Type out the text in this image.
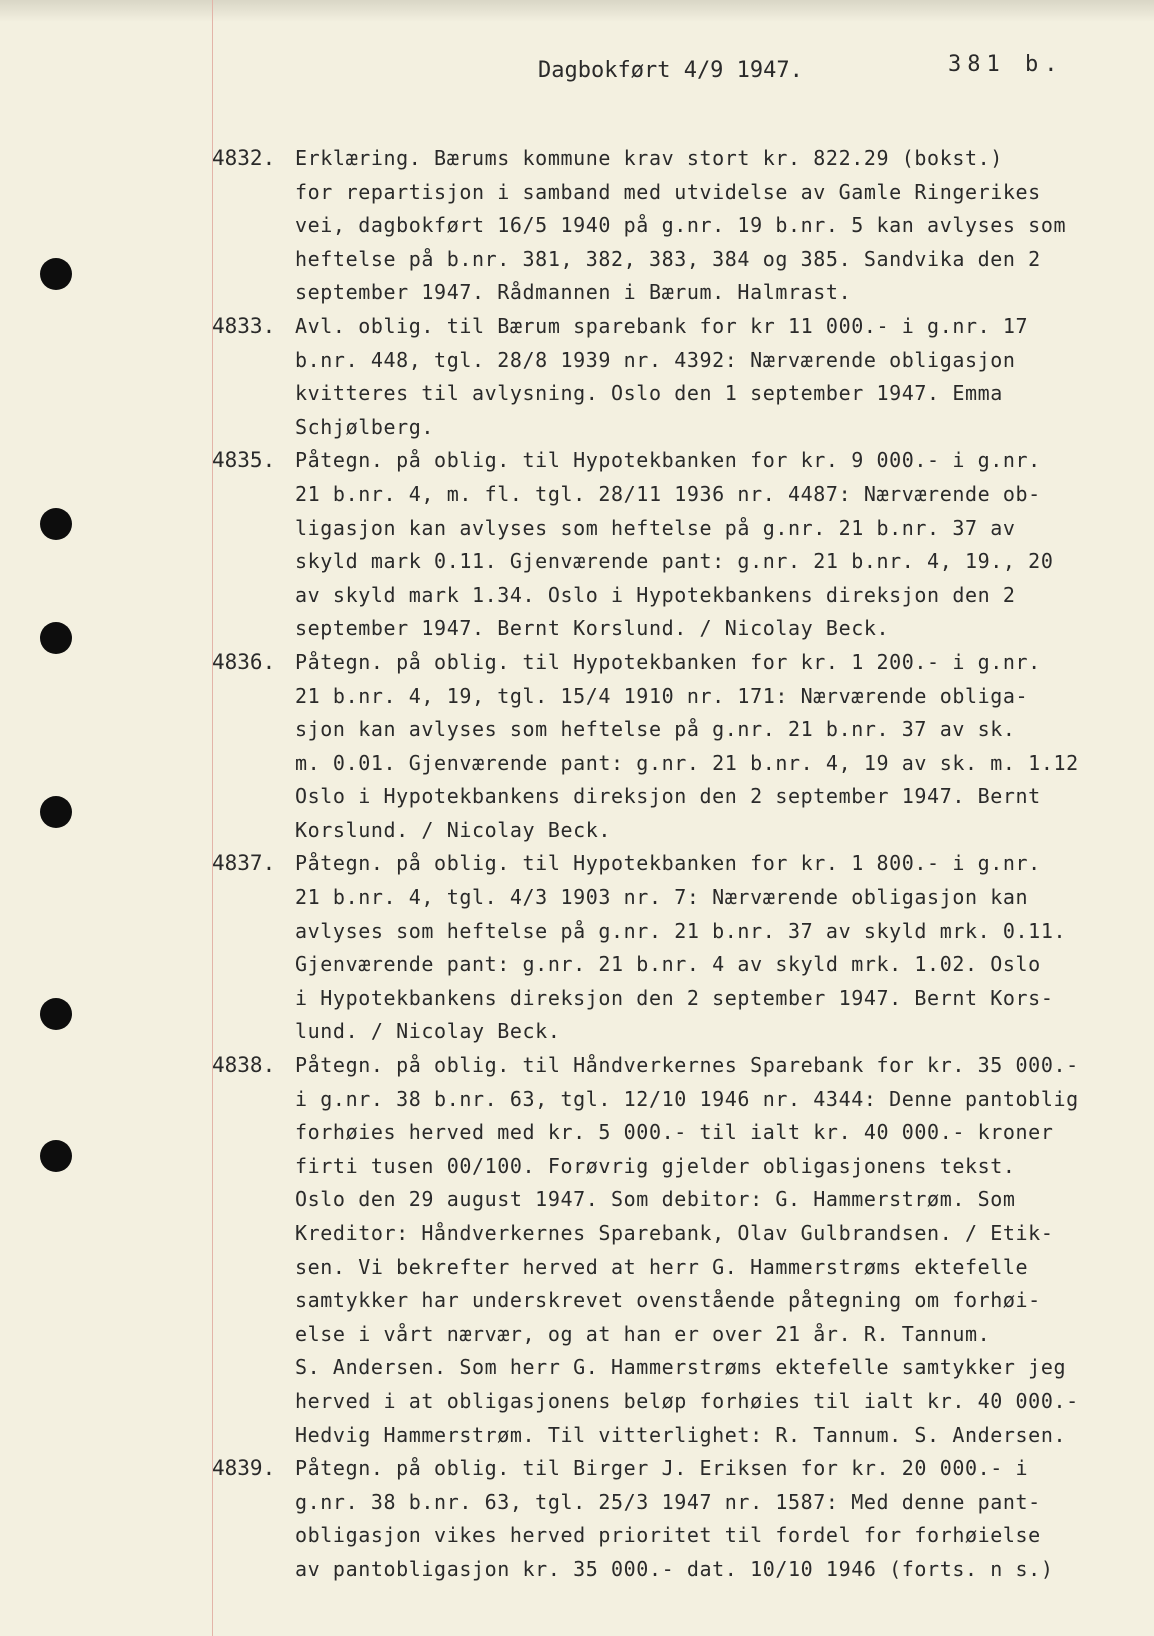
Dagbokført 4/9 1947.	381 b.
4832. Erklæring. Bærums kommune krav stort kr. 822.29 (bokst.)
for repartisjon i samband med utvidelse av Gamle Ringerikes
vei, dagbokført 16/5 1940 på g.nr. 19 b.nr. 5 kan avlyses som
heftelse på b.nr. 381, 382, 383, 384 og 385. Sandvika den 2
september 1947. Rådmannen i Bærum. Halmrast.
4833. Avl. oblig. til Bærum sparebank for kr 11 000.- i g.nr. 17
b.nr. 448, tgl. 28/8 1939 nr. 4392: Nærværende obligasjon
kvitteres til avlysning. Oslo den 1 september 1947. Emma
Schjølberg.
4835. Påtegn. på oblig. til Hypotekbanken for kr. 9 000.- i g.nr.
21 b.nr. 4, m. fl. tgl. 28/11 1936 nr. 4487: Nærværende ob-
ligasjon kan avlyses som heftelse på g.nr. 21 b.nr. 37 av
skyld mark 0.11. Gjenværende pant: g.nr. 21 b.nr. 4, 19., 20
av skyld mark 1.34. Oslo i Hypotekbankens direksjon den 2
september 1947. Bernt Korslund. / Nicolay Beck.
4836. Påtegn. på oblig. til Hypotekbanken for kr. 1 200.- i g.nr.
21 b.nr. 4, 19, tgl. 15/4 1910 nr. 171: Nærværende obliga-
sjon kan avlyses som heftelse på g.nr. 21 b.nr. 37 av sk.
m. 0.01. Gjenværende pant: g.nr. 21 b.nr. 4, 19 av sk. m. 1.12
Oslo i Hypotekbankens direksjon den 2 september 1947. Bernt
Korslund. / Nicolay Beck.
4837. Påtegn. på oblig. til Hypotekbanken for kr. 1 800.- i g.nr.
21 b.nr. 4, tgl. 4/3 1903 nr. 7: Nærværende obligasjon kan
avlyses som heftelse på g.nr. 21 b.nr. 37 av skyld mrk. 0.11.
Gjenværende pant: g.nr. 21 b.nr. 4 av skyld mrk. 1.02. Oslo
i Hypotekbankens direksjon den 2 september 1947. Bernt Kors-
lund. / Nicolay Beck.
4838. Påtegn. på oblig. til Håndverkernes Sparebank for kr. 35 000.-
i g.nr. 38 b.nr. 63, tgl. 12/10 1946 nr. 4344: Denne pantoblig
forhøies herved med kr. 5 000.- til ialt kr. 40 000.- kroner
firti tusen 00/100. Forøvrig gjelder obligasjonens tekst.
Oslo den 29 august 1947. Som debitor: G. Hammerstrøm. Som
Kreditor: Håndverkernes Sparebank, Olav Gulbrandsen. / Etik-
sen. Vi bekrefter herved at herr G. Hammerstrøms ektefelle
samtykker har underskrevet ovenstående påtegning om forhøi-
else i vårt nærvær, og at han er over 21 år. R. Tannum.
S. Andersen. Som herr G. Hammerstrøms ektefelle samtykker jeg
herved i at obligasjonens beløp forhøies til ialt kr. 40 000.-
Hedvig Hammerstrøm. Til vitterlighet: R. Tannum. S. Andersen.
4839. Påtegn. på oblig. til Birger J. Eriksen for kr. 20 000.- i
g.nr. 38 b.nr. 63, tgl. 25/3 1947 nr. 1587: Med denne pant-
obligasjon vikes herved prioritet til fordel for forhøielse
av pantobligasjon kr. 35 000.- dat. 10/10 1946 (forts. n s.)
